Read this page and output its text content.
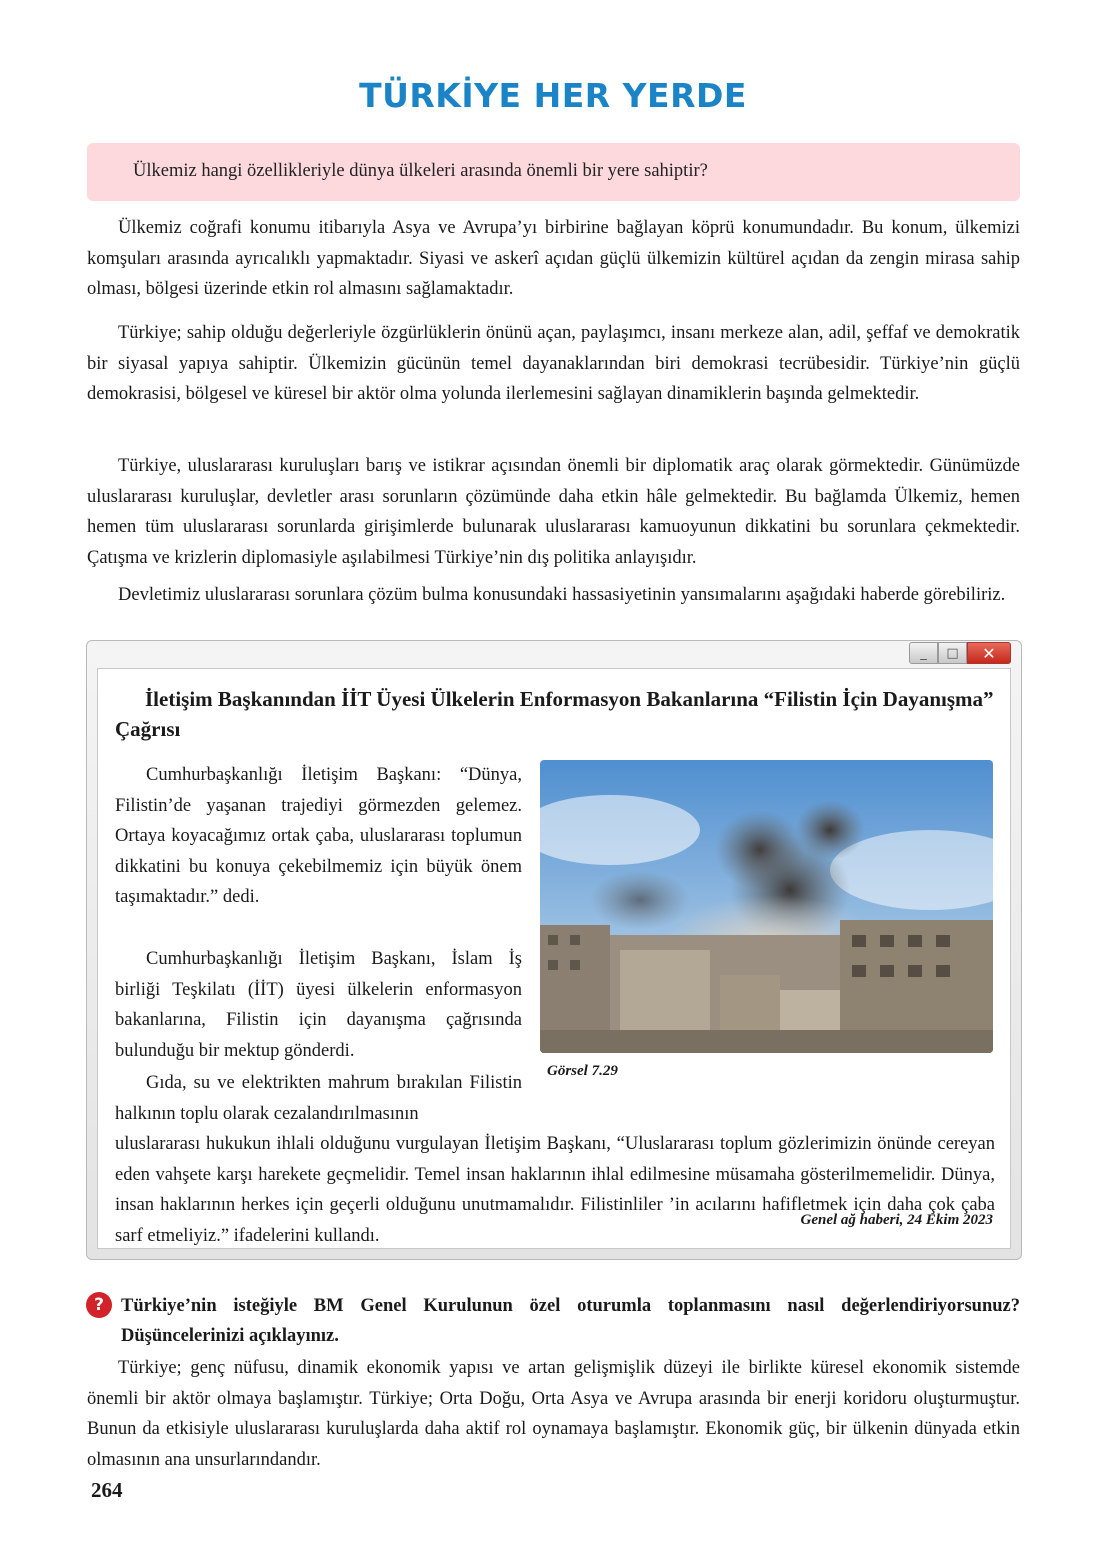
TÜRKİYE HER YERDE
Ülkemiz hangi özellikleriyle dünya ülkeleri arasında önemli bir yere sahiptir?

Ülkemiz coğrafi konumu itibarıyla Asya ve Avrupa’yı birbirine bağlayan köprü konumundadır. Bu konum, ülkemizi komşuları arasında ayrıcalıklı yapmaktadır. Siyasi ve askerî açıdan güçlü ülkemizin kültürel açıdan da zengin mirasa sahip olması, bölgesi üzerinde etkin rol almasını sağlamaktadır.

Türkiye; sahip olduğu değerleriyle özgürlüklerin önünü açan, paylaşımcı, insanı merkeze alan, adil, şeffaf ve demokratik bir siyasal yapıya sahiptir. Ülkemizin gücünün temel dayanaklarından biri demokrasi tecrübesidir. Türkiye’nin güçlü demokrasisi, bölgesel ve küresel bir aktör olma yolunda ilerlemesini sağlayan dinamiklerin başında gelmektedir.

Türkiye, uluslararası kuruluşları barış ve istikrar açısından önemli bir diplomatik araç olarak görmektedir. Günümüzde uluslararası kuruluşlar, devletler arası sorunların çözümünde daha etkin hâle gelmektedir. Bu bağlamda Ülkemiz, hemen hemen tüm uluslararası sorunlarda girişimlerde bulunarak uluslararası kamuoyunun dikkatini bu sorunlara çekmektedir. Çatışma ve krizlerin diplomasiyle aşılabilmesi Türkiye’nin dış politika anlayışıdır.

Devletimiz uluslararası sorunlara çözüm bulma konusundaki hassasiyetinin yansımalarını aşağıdaki haberde görebiliriz.

_ □ ✕
İletişim Başkanından İİT Üyesi Ülkelerin Enformasyon Bakanlarına “Filistin İçin Dayanışma” Çağrısı

Cumhurbaşkanlığı İletişim Başkanı: “Dünya, Filistin’de yaşanan trajediyi görmezden gelemez. Ortaya koyacağımız ortak çaba, uluslararası toplumun dikkatini bu konuya çekebilmemiz için büyük önem taşımaktadır.” dedi.

Cumhurbaşkanlığı İletişim Başkanı, İslam İş birliği Teşkilatı (İİT) üyesi ülkelerin enformasyon bakanlarına, Filistin için dayanışma çağrısında bulunduğu bir mektup gönderdi.

Gıda, su ve elektrikten mahrum bırakılan Filistin halkının toplu olarak cezalandırılmasının

uluslararası hukukun ihlali olduğunu vurgulayan İletişim Başkanı, “Uluslararası toplum gözlerimizin önünde cereyan eden vahşete karşı harekete geçmelidir. Temel insan haklarının ihlal edilmesine müsamaha gösterilmemelidir. Dünya, insan haklarının herkes için geçerli olduğunu unutmamalıdır. Filistinliler ’in acılarını hafifletmek için daha çok çaba sarf etmeliyiz.” ifadelerini kullandı.

Görsel 7.29
Genel ağ haberi, 24 Ekim 2023
? Türkiye’nin isteğiyle BM Genel Kurulunun özel oturumla toplanmasını nasıl değerlendiriyorsunuz? Düşüncelerinizi açıklayınız.

Türkiye; genç nüfusu, dinamik ekonomik yapısı ve artan gelişmişlik düzeyi ile birlikte küresel ekonomik sistemde önemli bir aktör olmaya başlamıştır. Türkiye; Orta Doğu, Orta Asya ve Avrupa arasında bir enerji koridoru oluşturmuştur. Bunun da etkisiyle uluslararası kuruluşlarda daha aktif rol oynamaya başlamıştır. Ekonomik güç, bir ülkenin dünyada etkin olmasının ana unsurlarındandır.

264
